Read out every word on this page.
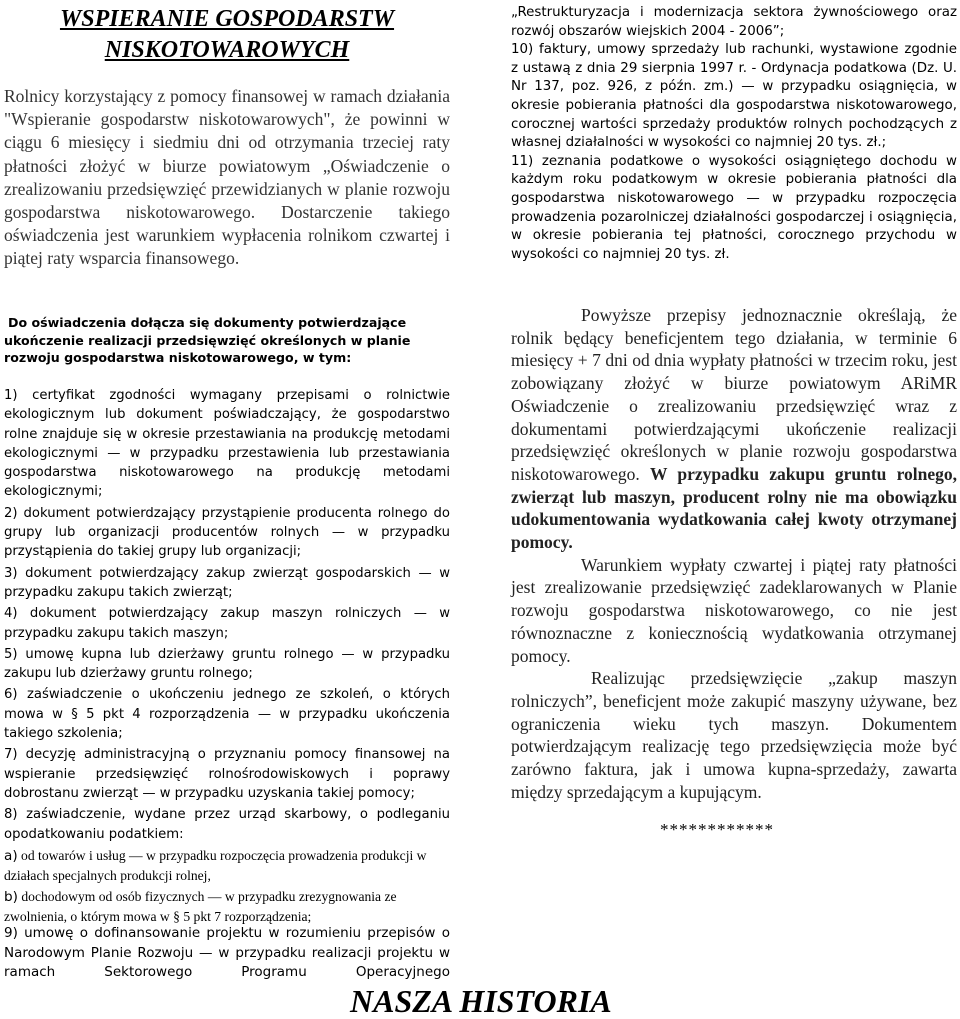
WSPIERANIE GOSPODARSTW
NISKOTOWAROWYCH

Rolnicy korzystający z pomocy finansowej w ramach działania "Wspieranie gospodarstw niskotowarowych", że powinni w ciągu 6 miesięcy i siedmiu dni od otrzymania trzeciej raty płatności złożyć w biurze powiatowym „Oświadczenie o zrealizowaniu przedsięwzięć przewidzianych w planie rozwoju gospodarstwa niskotowarowego. Dostarczenie takiego oświadczenia jest warunkiem wypłacenia rolnikom czwartej i piątej raty wsparcia finansowego.

Do oświadczenia dołącza się dokumenty potwierdzające ukończenie realizacji przedsięwzięć określonych w planie rozwoju gospodarstwa niskotowarowego, w tym:

1) certyfikat zgodności wymagany przepisami o rolnictwie ekologicznym lub dokument poświadczający, że gospodarstwo rolne znajduje się w okresie przestawiania na produkcję metodami ekologicznymi — w przypadku przestawienia lub przestawiania gospodarstwa niskotowarowego na produkcję metodami ekologicznymi;
2) dokument potwierdzający przystąpienie producenta rolnego do grupy lub organizacji producentów rolnych — w przypadku przystąpienia do takiej grupy lub organizacji;
3) dokument potwierdzający zakup zwierząt gospodarskich — w przypadku zakupu takich zwierząt;
4) dokument potwierdzający zakup maszyn rolniczych — w przypadku zakupu takich maszyn;
5) umowę kupna lub dzierżawy gruntu rolnego — w przypadku zakupu lub dzierżawy gruntu rolnego;
6) zaświadczenie o ukończeniu jednego ze szkoleń, o których mowa w § 5 pkt 4 rozporządzenia — w przypadku ukończenia takiego szkolenia;
7) decyzję administracyjną o przyznaniu pomocy finansowej na wspieranie przedsięwzięć rolnośrodowiskowych i poprawy dobrostanu zwierząt — w przypadku uzyskania takiej pomocy;
8) zaświadczenie, wydane przez urząd skarbowy, o podleganiu opodatkowaniu podatkiem:
a) od towarów i usług — w przypadku rozpoczęcia prowadzenia produkcji w działach specjalnych produkcji rolnej,
b) dochodowym od osób fizycznych — w przypadku zrezygnowania ze zwolnienia, o którym mowa w § 5 pkt 7 rozporządzenia;

9) umowę o dofinansowanie projektu w rozumieniu przepisów o Narodowym Planie Rozwoju — w przypadku realizacji projektu w ramach Sektorowego Programu Operacyjnego

„Restrukturyzacja i modernizacja sektora żywnościowego oraz rozwój obszarów wiejskich 2004 - 2006”;

10) faktury, umowy sprzedaży lub rachunki, wystawione zgodnie z ustawą z dnia 29 sierpnia 1997 r. - Ordynacja podatkowa (Dz. U. Nr 137, poz. 926, z późn. zm.) — w przypadku osiągnięcia, w okresie pobierania płatności dla gospodarstwa niskotowarowego, corocznej wartości sprzedaży produktów rolnych pochodzących z własnej działalności w wysokości co najmniej 20 tys. zł.;

11) zeznania podatkowe o wysokości osiągniętego dochodu w każdym roku podatkowym w okresie pobierania płatności dla gospodarstwa niskotowarowego — w przypadku rozpoczęcia prowadzenia pozarolniczej działalności gospodarczej i osiągnięcia, w okresie pobierania tej płatności, corocznego przychodu w wysokości co najmniej 20 tys. zł.

Powyższe przepisy jednoznacznie określają, że rolnik będący beneficjentem tego działania, w terminie 6 miesięcy + 7 dni od dnia wypłaty płatności w trzecim roku, jest zobowiązany złożyć w biurze powiatowym ARiMR Oświadczenie o zrealizowaniu przedsięwzięć wraz z dokumentami potwierdzającymi ukończenie realizacji przedsięwzięć określonych w planie rozwoju gospodarstwa niskotowarowego. W przypadku zakupu gruntu rolnego, zwierząt lub maszyn, producent rolny nie ma obowiązku udokumentowania wydatkowania całej kwoty otrzymanej pomocy.

Warunkiem wypłaty czwartej i piątej raty płatności jest zrealizowanie przedsięwzięć zadeklarowanych w Planie rozwoju gospodarstwa niskotowarowego, co nie jest równoznaczne z koniecznością wydatkowania otrzymanej pomocy.

Realizując przedsięwzięcie „zakup maszyn rolniczych”, beneficjent może zakupić maszyny używane, bez ograniczenia wieku tych maszyn. Dokumentem potwierdzającym realizację tego przedsięwzięcia może być zarówno faktura, jak i umowa kupna-sprzedaży, zawarta między sprzedającym a kupującym.

************

NASZA HISTORIA
